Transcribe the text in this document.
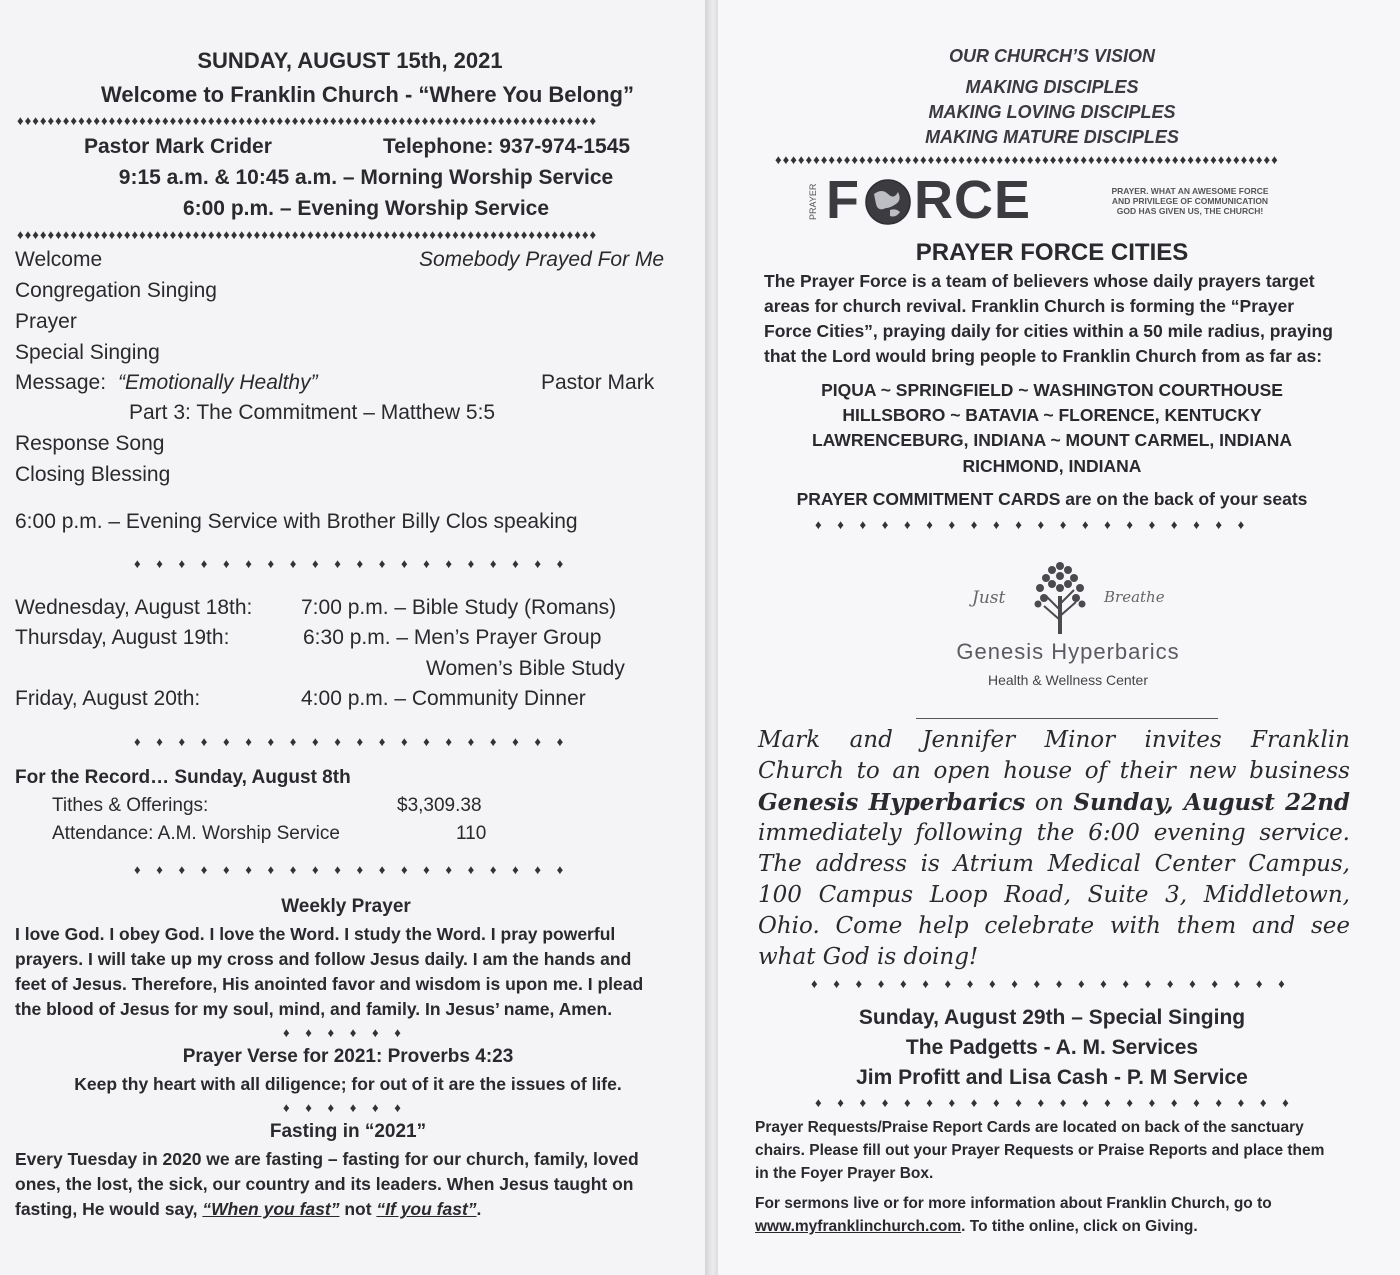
SUNDAY, AUGUST 15th, 2021
Welcome to Franklin Church - “Where You Belong”
♦♦♦♦♦♦♦♦♦♦♦♦♦♦♦♦♦♦♦♦♦♦♦♦♦♦♦♦♦♦♦♦♦♦♦♦♦♦♦♦♦♦♦♦♦♦♦♦♦♦♦♦♦♦♦♦♦♦♦♦♦♦♦♦♦♦♦♦♦♦♦♦♦♦♦♦
Pastor Mark Crider	Telephone: 937-974-1545
9:15 a.m. & 10:45 a.m. – Morning Worship Service
6:00 p.m. – Evening Worship Service
♦♦♦♦♦♦♦♦♦♦♦♦♦♦♦♦♦♦♦♦♦♦♦♦♦♦♦♦♦♦♦♦♦♦♦♦♦♦♦♦♦♦♦♦♦♦♦♦♦♦♦♦♦♦♦♦♦♦♦♦♦♦♦♦♦♦♦♦♦♦♦♦♦♦♦♦
Welcome	Somebody Prayed For Me
Congregation Singing
Prayer
Special Singing
Message: “Emotionally Healthy”	Pastor Mark
Part 3: The Commitment – Matthew 5:5
Response Song
Closing Blessing
6:00 p.m. – Evening Service with Brother Billy Clos speaking
♦ ♦ ♦ ♦ ♦ ♦ ♦ ♦ ♦ ♦ ♦ ♦ ♦ ♦ ♦ ♦ ♦ ♦ ♦ ♦
Wednesday, August 18th: 7:00 p.m. – Bible Study (Romans)
Thursday, August 19th:	6:30 p.m. – Men’s Prayer Group
Women’s Bible Study
Friday, August 20th:	4:00 p.m. – Community Dinner
♦ ♦ ♦ ♦ ♦ ♦ ♦ ♦ ♦ ♦ ♦ ♦ ♦ ♦ ♦ ♦ ♦ ♦ ♦ ♦
For the Record… Sunday, August 8th
Tithes & Offerings:	$3,309.38
Attendance: A.M. Worship Service	110
♦ ♦ ♦ ♦ ♦ ♦ ♦ ♦ ♦ ♦ ♦ ♦ ♦ ♦ ♦ ♦ ♦ ♦ ♦ ♦
Weekly Prayer
I love God. I obey God. I love the Word. I study the Word. I pray powerful
prayers. I will take up my cross and follow Jesus daily. I am the hands and
feet of Jesus. Therefore, His anointed favor and wisdom is upon me. I plead
the blood of Jesus for my soul, mind, and family. In Jesus’ name, Amen.
♦ ♦ ♦ ♦ ♦ ♦
Prayer Verse for 2021: Proverbs 4:23
Keep thy heart with all diligence; for out of it are the issues of life.
♦ ♦ ♦ ♦ ♦ ♦
Fasting in “2021”
Every Tuesday in 2020 we are fasting – fasting for our church, family, loved
ones, the lost, the sick, our country and its leaders. When Jesus taught on
fasting, He would say, “When you fast” not “If you fast”.
OUR CHURCH’S VISION
MAKING DISCIPLES
MAKING LOVING DISCIPLES
MAKING MATURE DISCIPLES
♦♦♦♦♦♦♦♦♦♦♦♦♦♦♦♦♦♦♦♦♦♦♦♦♦♦♦♦♦♦♦♦♦♦♦♦♦♦♦♦♦♦♦♦♦♦♦♦♦♦♦♦♦♦♦♦♦♦♦♦♦♦♦♦♦♦
PRAYER F RCE	PRAYER. WHAT AN AWESOME FORCE
AND PRIVILEGE OF COMMUNICATION
GOD HAS GIVEN US, THE CHURCH!
PRAYER FORCE CITIES
The Prayer Force is a team of believers whose daily prayers target
areas for church revival. Franklin Church is forming the “Prayer
Force Cities”, praying daily for cities within a 50 mile radius, praying
that the Lord would bring people to Franklin Church from as far as:
PIQUA ~ SPRINGFIELD ~ WASHINGTON COURTHOUSE
HILLSBORO ~ BATAVIA ~ FLORENCE, KENTUCKY
LAWRENCEBURG, INDIANA ~ MOUNT CARMEL, INDIANA
RICHMOND, INDIANA
PRAYER COMMITMENT CARDS are on the back of your seats
♦ ♦ ♦ ♦ ♦ ♦ ♦ ♦ ♦ ♦ ♦ ♦ ♦ ♦ ♦ ♦ ♦ ♦ ♦ ♦
Just	Breathe
Genesis Hyperbarics
Health & Wellness Center
Mark and Jennifer Minor invites Franklin
Church to an open house of their new business
Genesis Hyperbarics on Sunday, August 22nd
immediately following the 6:00 evening service.
The address is Atrium Medical Center Campus,
100 Campus Loop Road, Suite 3, Middletown,
Ohio. Come help celebrate with them and see
what God is doing!
♦ ♦ ♦ ♦ ♦ ♦ ♦ ♦ ♦ ♦ ♦ ♦ ♦ ♦ ♦ ♦ ♦ ♦ ♦ ♦ ♦ ♦
Sunday, August 29th – Special Singing
The Padgetts - A. M. Services
Jim Profitt and Lisa Cash - P. M Service
♦ ♦ ♦ ♦ ♦ ♦ ♦ ♦ ♦ ♦ ♦ ♦ ♦ ♦ ♦ ♦ ♦ ♦ ♦ ♦ ♦ ♦
Prayer Requests/Praise Report Cards are located on back of the sanctuary
chairs. Please fill out your Prayer Requests or Praise Reports and place them
in the Foyer Prayer Box.
For sermons live or for more information about Franklin Church, go to
www.myfranklinchurch.com. To tithe online, click on Giving.
